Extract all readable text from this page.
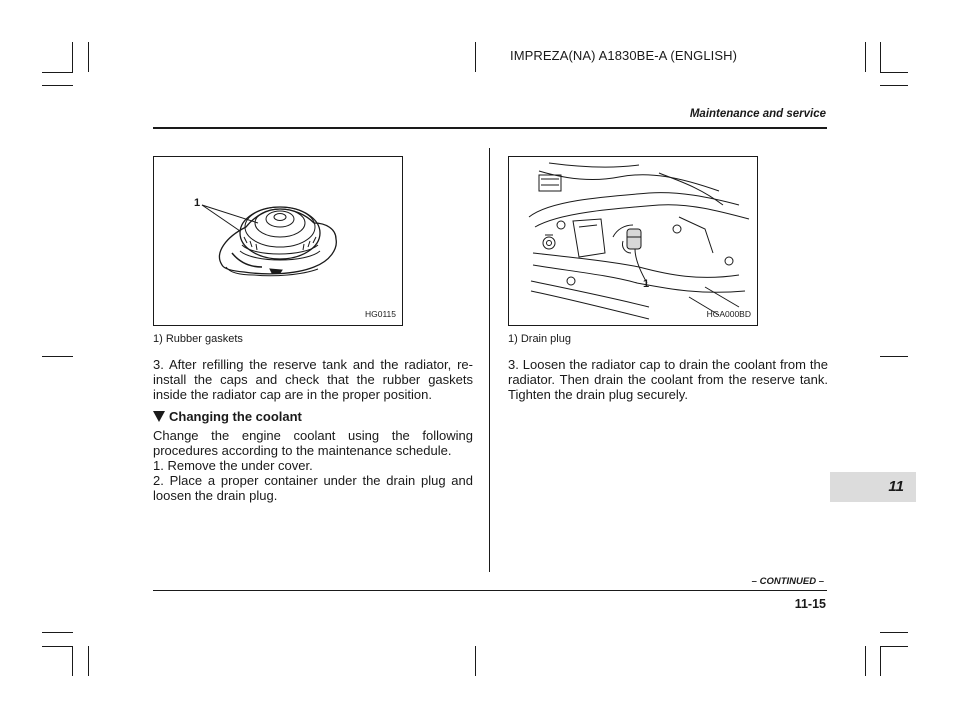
IMPREZA(NA) A1830BE-A (ENGLISH)
Maintenance and service
1
HG0115
1) Rubber gaskets
3. After refilling the reserve tank and the radiator, re-install the caps and check that the rubber gaskets inside the radiator cap are in the proper position.
Changing the coolant
Change the engine coolant using the following procedures according to the maintenance schedule.
1. Remove the under cover.
2. Place a proper container under the drain plug and loosen the drain plug.
1
HGA000BD
1) Drain plug
3. Loosen the radiator cap to drain the coolant from the radiator. Then drain the coolant from the reserve tank. Tighten the drain plug securely.
11
– CONTINUED –
11-15
